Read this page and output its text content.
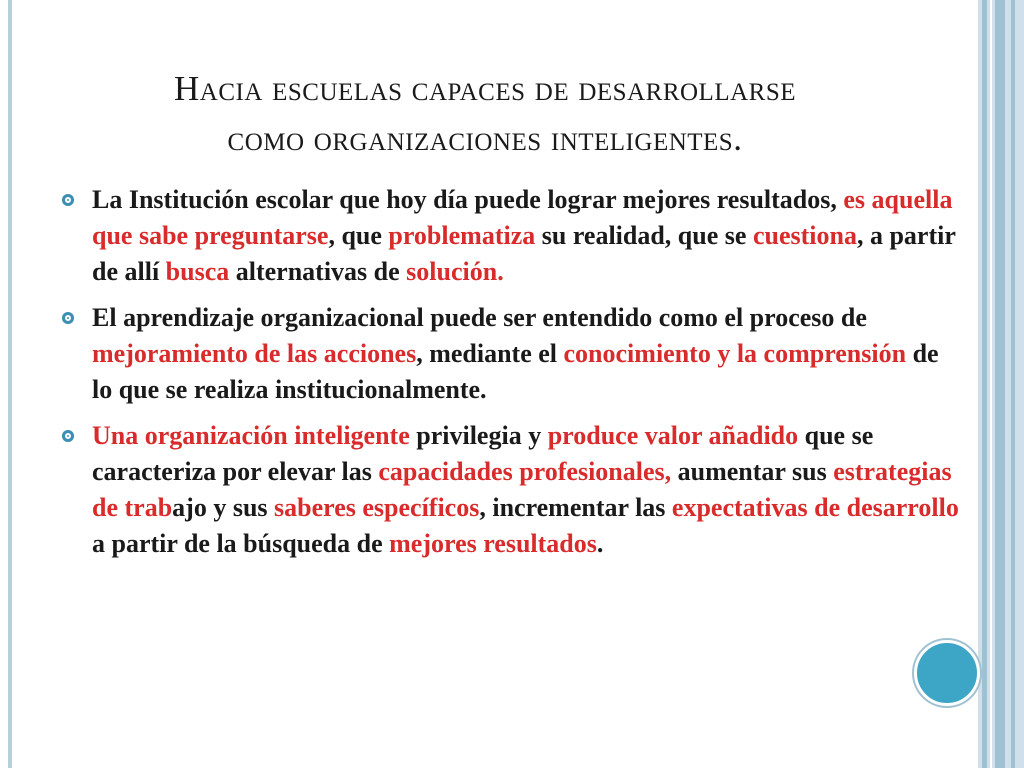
Hacia escuelas capaces de desarrollarse
como organizaciones inteligentes.
La Institución escolar que hoy día puede lograr mejores resultados, es aquella que sabe preguntarse, que problematiza su realidad, que se cuestiona, a partir de allí busca alternativas de solución.
El aprendizaje organizacional puede ser entendido como el proceso de mejoramiento de las acciones, mediante el conocimiento y la comprensión de lo que se realiza institucionalmente.
Una organización inteligente privilegia y produce valor añadido que se caracteriza por elevar las capacidades profesionales, aumentar sus estrategias de trabajo y sus saberes específicos, incrementar las expectativas de desarrollo a partir de la búsqueda de mejores resultados.
